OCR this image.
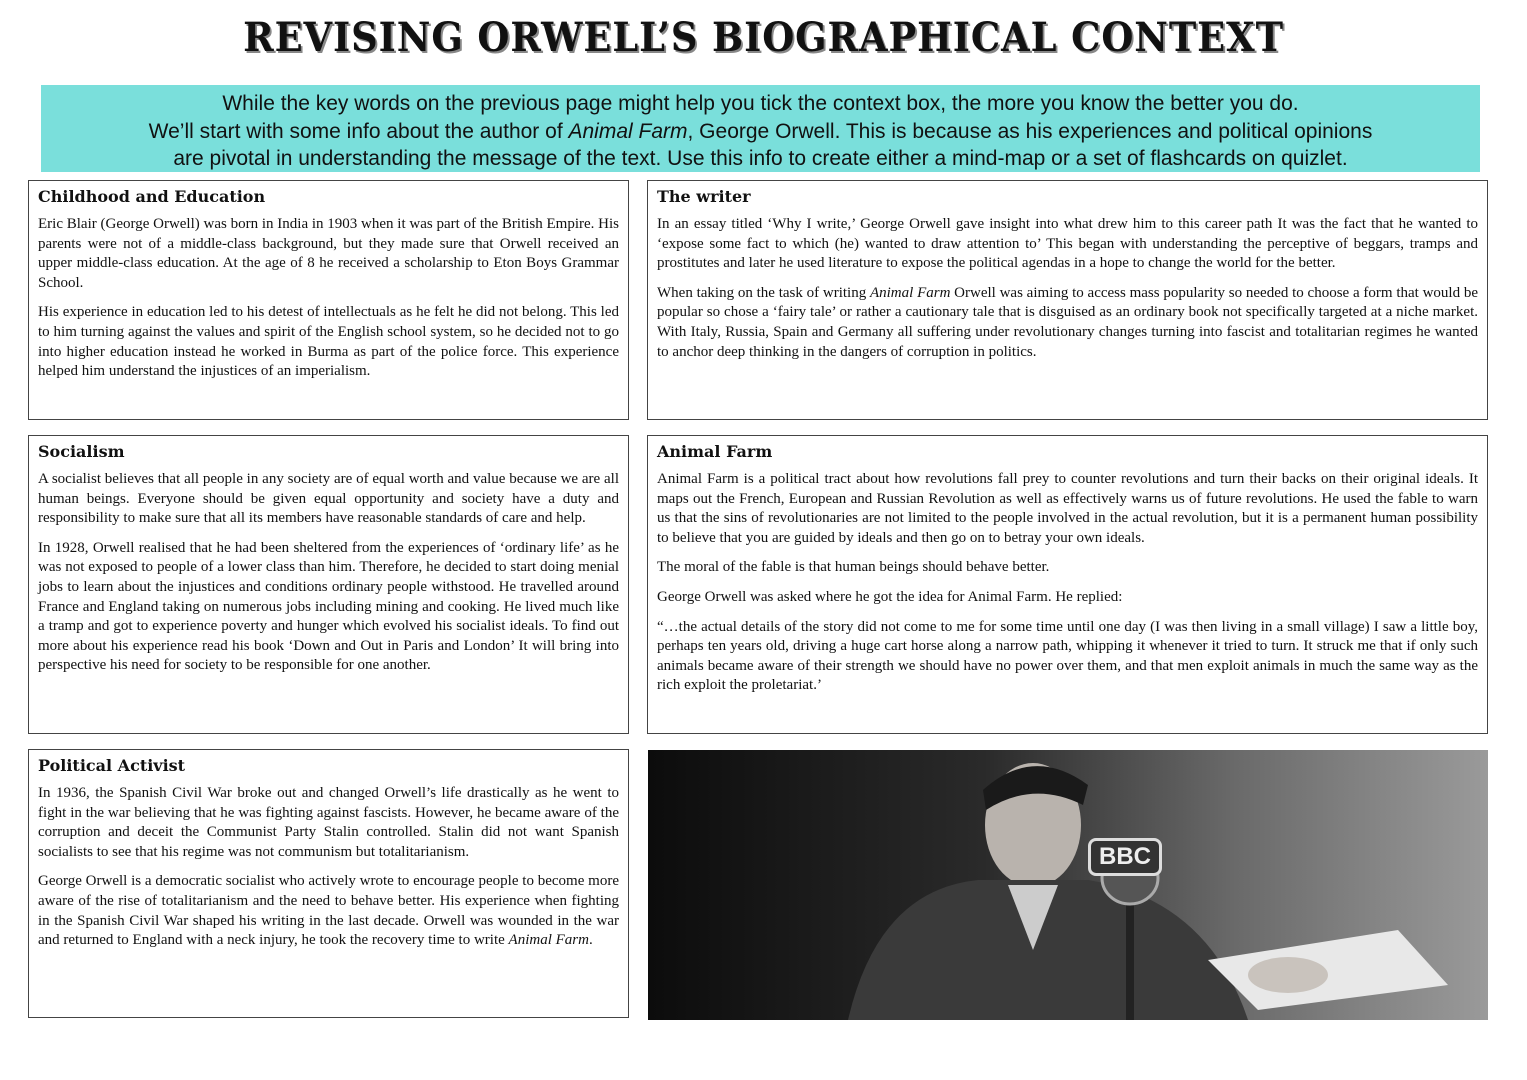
REVISING ORWELL’S BIOGRAPHICAL CONTEXT
While the key words on the previous page might help you tick the context box, the more you know the better you do.
We’ll start with some info about the author of Animal Farm, George Orwell. This is because as his experiences and political opinions
are pivotal in understanding the message of the text. Use this info to create either a mind-map or a set of flashcards on quizlet.
Childhood and Education

Eric Blair (George Orwell) was born in India in 1903 when it was part of the British Empire. His parents were not of a middle-class background, but they made sure that Orwell received an upper middle-class education. At the age of 8 he received a scholarship to Eton Boys Grammar School.

His experience in education led to his detest of intellectuals as he felt he did not belong. This led to him turning against the values and spirit of the English school system, so he decided not to go into higher education instead he worked in Burma as part of the police force. This experience helped him understand the injustices of an imperialism.

The writer

In an essay titled ‘Why I write,’ George Orwell gave insight into what drew him to this career path It was the fact that he wanted to ‘expose some fact to which (he) wanted to draw attention to’ This began with understanding the perceptive of beggars, tramps and prostitutes and later he used literature to expose the political agendas in a hope to change the world for the better.

When taking on the task of writing Animal Farm Orwell was aiming to access mass popularity so needed to choose a form that would be popular so chose a ‘fairy tale’ or rather a cautionary tale that is disguised as an ordinary book not specifically targeted at a niche market. With Italy, Russia, Spain and Germany all suffering under revolutionary changes turning into fascist and totalitarian regimes he wanted to anchor deep thinking in the dangers of corruption in politics.

Socialism

A socialist believes that all people in any society are of equal worth and value because we are all human beings. Everyone should be given equal opportunity and society have a duty and responsibility to make sure that all its members have reasonable standards of care and help.

In 1928, Orwell realised that he had been sheltered from the experiences of ‘ordinary life’ as he was not exposed to people of a lower class than him. Therefore, he decided to start doing menial jobs to learn about the injustices and conditions ordinary people withstood. He travelled around France and England taking on numerous jobs including mining and cooking. He lived much like a tramp and got to experience poverty and hunger which evolved his socialist ideals. To find out more about his experience read his book ‘Down and Out in Paris and London’ It will bring into perspective his need for society to be responsible for one another.

Animal Farm

Animal Farm is a political tract about how revolutions fall prey to counter revolutions and turn their backs on their original ideals. It maps out the French, European and Russian Revolution as well as effectively warns us of future revolutions. He used the fable to warn us that the sins of revolutionaries are not limited to the people involved in the actual revolution, but it is a permanent human possibility to believe that you are guided by ideals and then go on to betray your own ideals.

The moral of the fable is that human beings should behave better.

George Orwell was asked where he got the idea for Animal Farm. He replied:

“…the actual details of the story did not come to me for some time until one day (I was then living in a small village) I saw a little boy, perhaps ten years old, driving a huge cart horse along a narrow path, whipping it whenever it tried to turn. It struck me that if only such animals became aware of their strength we should have no power over them, and that men exploit animals in much the same way as the rich exploit the proletariat.’

Political Activist

In 1936, the Spanish Civil War broke out and changed Orwell’s life drastically as he went to fight in the war believing that he was fighting against fascists. However, he became aware of the corruption and deceit the Communist Party Stalin controlled. Stalin did not want Spanish socialists to see that his regime was not communism but totalitarianism.

George Orwell is a democratic socialist who actively wrote to encourage people to become more aware of the rise of totalitarianism and the need to behave better. His experience when fighting in the Spanish Civil War shaped his writing in the last decade. Orwell was wounded in the war and returned to England with a neck injury, he took the recovery time to write Animal Farm.

BBC
